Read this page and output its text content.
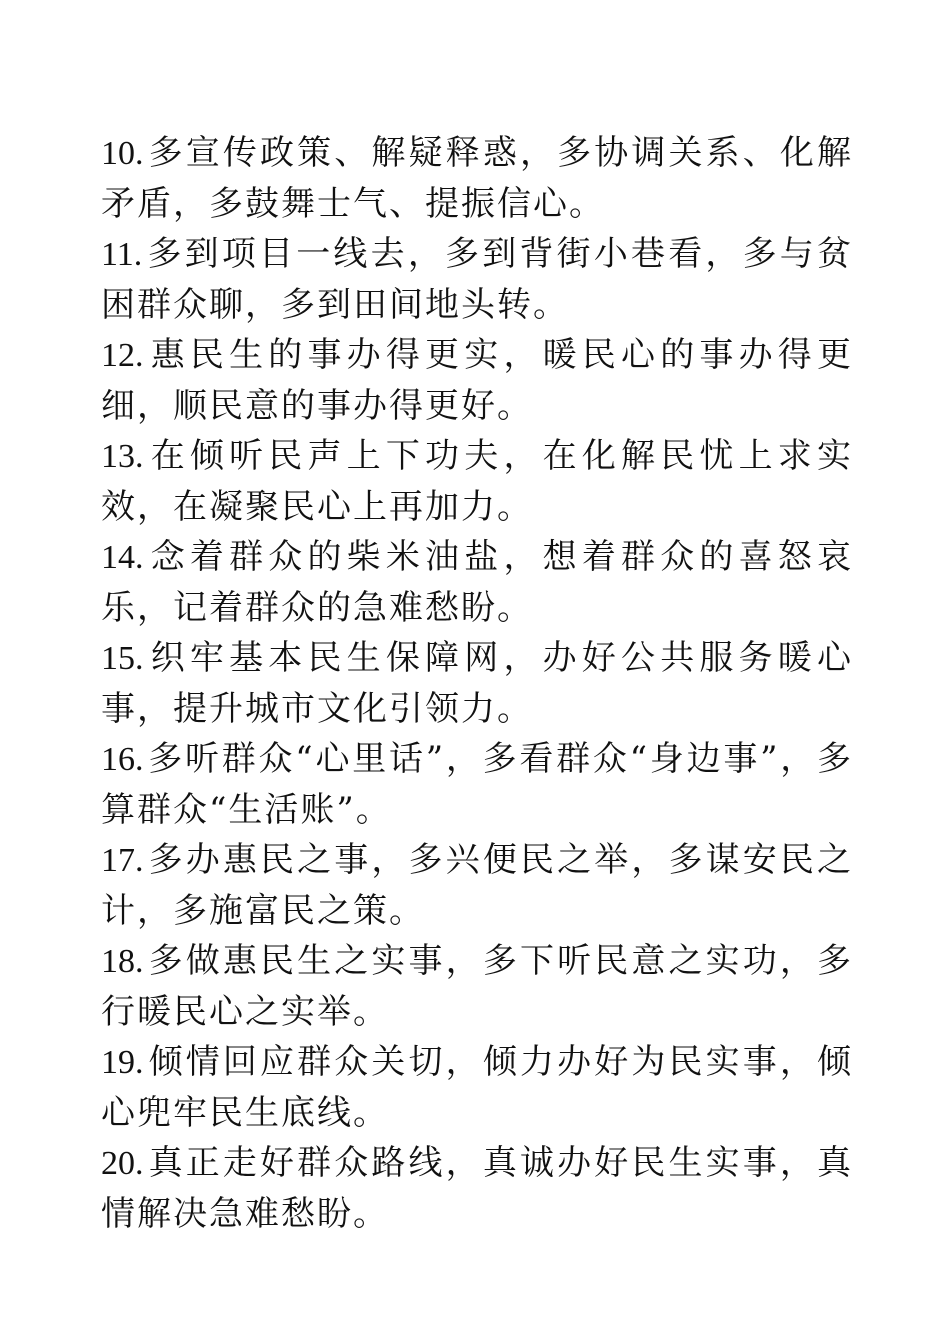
10. 多宣传政策、解疑释惑，多协调关系、化解矛盾，多鼓舞士气、提振信心。

11. 多到项目一线去，多到背街小巷看，多与贫困群众聊，多到田间地头转。

12. 惠民生的事办得更实，暖民心的事办得更细，顺民意的事办得更好。

13. 在倾听民声上下功夫，在化解民忧上求实效，在凝聚民心上再加力。

14. 念着群众的柴米油盐，想着群众的喜怒哀乐，记着群众的急难愁盼。

15. 织牢基本民生保障网，办好公共服务暖心事，提升城市文化引领力。

16. 多听群众“心里话”，多看群众“身边事”，多算群众“生活账”。

17. 多办惠民之事，多兴便民之举，多谋安民之计，多施富民之策。

18. 多做惠民生之实事，多下听民意之实功，多行暖民心之实举。

19. 倾情回应群众关切，倾力办好为民实事，倾心兜牢民生底线。

20. 真正走好群众路线，真诚办好民生实事，真情解决急难愁盼。
